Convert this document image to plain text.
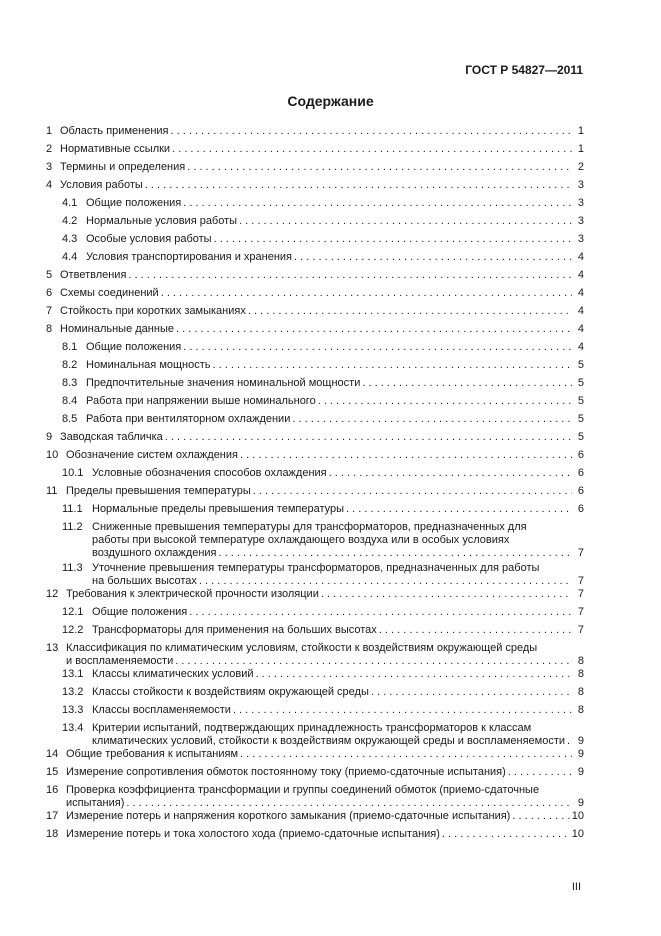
ГОСТ Р 54827—2011
Содержание
1 Область применения . . .	1
2 Нормативные ссылки . . .	1
3 Термины и определения . . .	2
4 Условия работы . . .	3
4.1 Общие положения . . .	3
4.2 Нормальные условия работы . . .	3
4.3 Особые условия работы . . .	3
4.4 Условия транспортирования и хранения . . .	4
5 Ответвления . . .	4
6 Схемы соединений . . .	4
7 Стойкость при коротких замыканиях . . .	4
8 Номинальные данные . . .	4
8.1 Общие положения . . .	4
8.2 Номинальная мощность . . .	5
8.3 Предпочтительные значения номинальной мощности . . .	5
8.4 Работа при напряжении выше номинального . . .	5
8.5 Работа при вентиляторном охлаждении . . .	5
9 Заводская табличка . . .	5
10 Обозначение систем охлаждения . . .	6
10.1 Условные обозначения способов охлаждения . . .	6
11 Пределы превышения температуры . . .	6
11.1 Нормальные пределы превышения температуры . . .	6
11.2 Сниженные превышения температуры для трансформаторов, предназначенных для
работы при высокой температуре охлаждающего воздуха или в особых условиях
воздушного охлаждения . . .	7
11.3 Уточнение превышения температуры трансформаторов, предназначенных для работы
на больших высотах . . .	7
12 Требования к электрической прочности изоляции . . .	7
12.1 Общие положения . . .	7
12.2 Трансформаторы для применения на больших высотах . . .	7
13 Классификация по климатическим условиям, стойкости к воздействиям окружающей среды
и воспламеняемости . . .	8
13.1 Классы климатических условий . . .	8
13.2 Классы стойкости к воздействиям окружающей среды . . .	8
13.3 Классы воспламеняемости . . .	8
13.4 Критерии испытаний, подтверждающих принадлежность трансформаторов к классам
климатических условий, стойкости к воздействиям окружающей среды и воспламеняемости . . .	9
14 Общие требования к испытаниям . . .	9
15 Измерение сопротивления обмоток постоянному току (приемо-сдаточные испытания) . . .	9
16 Проверка коэффициента трансформации и группы соединений обмоток (приемо-сдаточные
испытания) . . .	9
17 Измерение потерь и напряжения короткого замыкания (приемо-сдаточные испытания) . . .	10
18 Измерение потерь и тока холостого хода (приемо-сдаточные испытания) . . .	10
III
